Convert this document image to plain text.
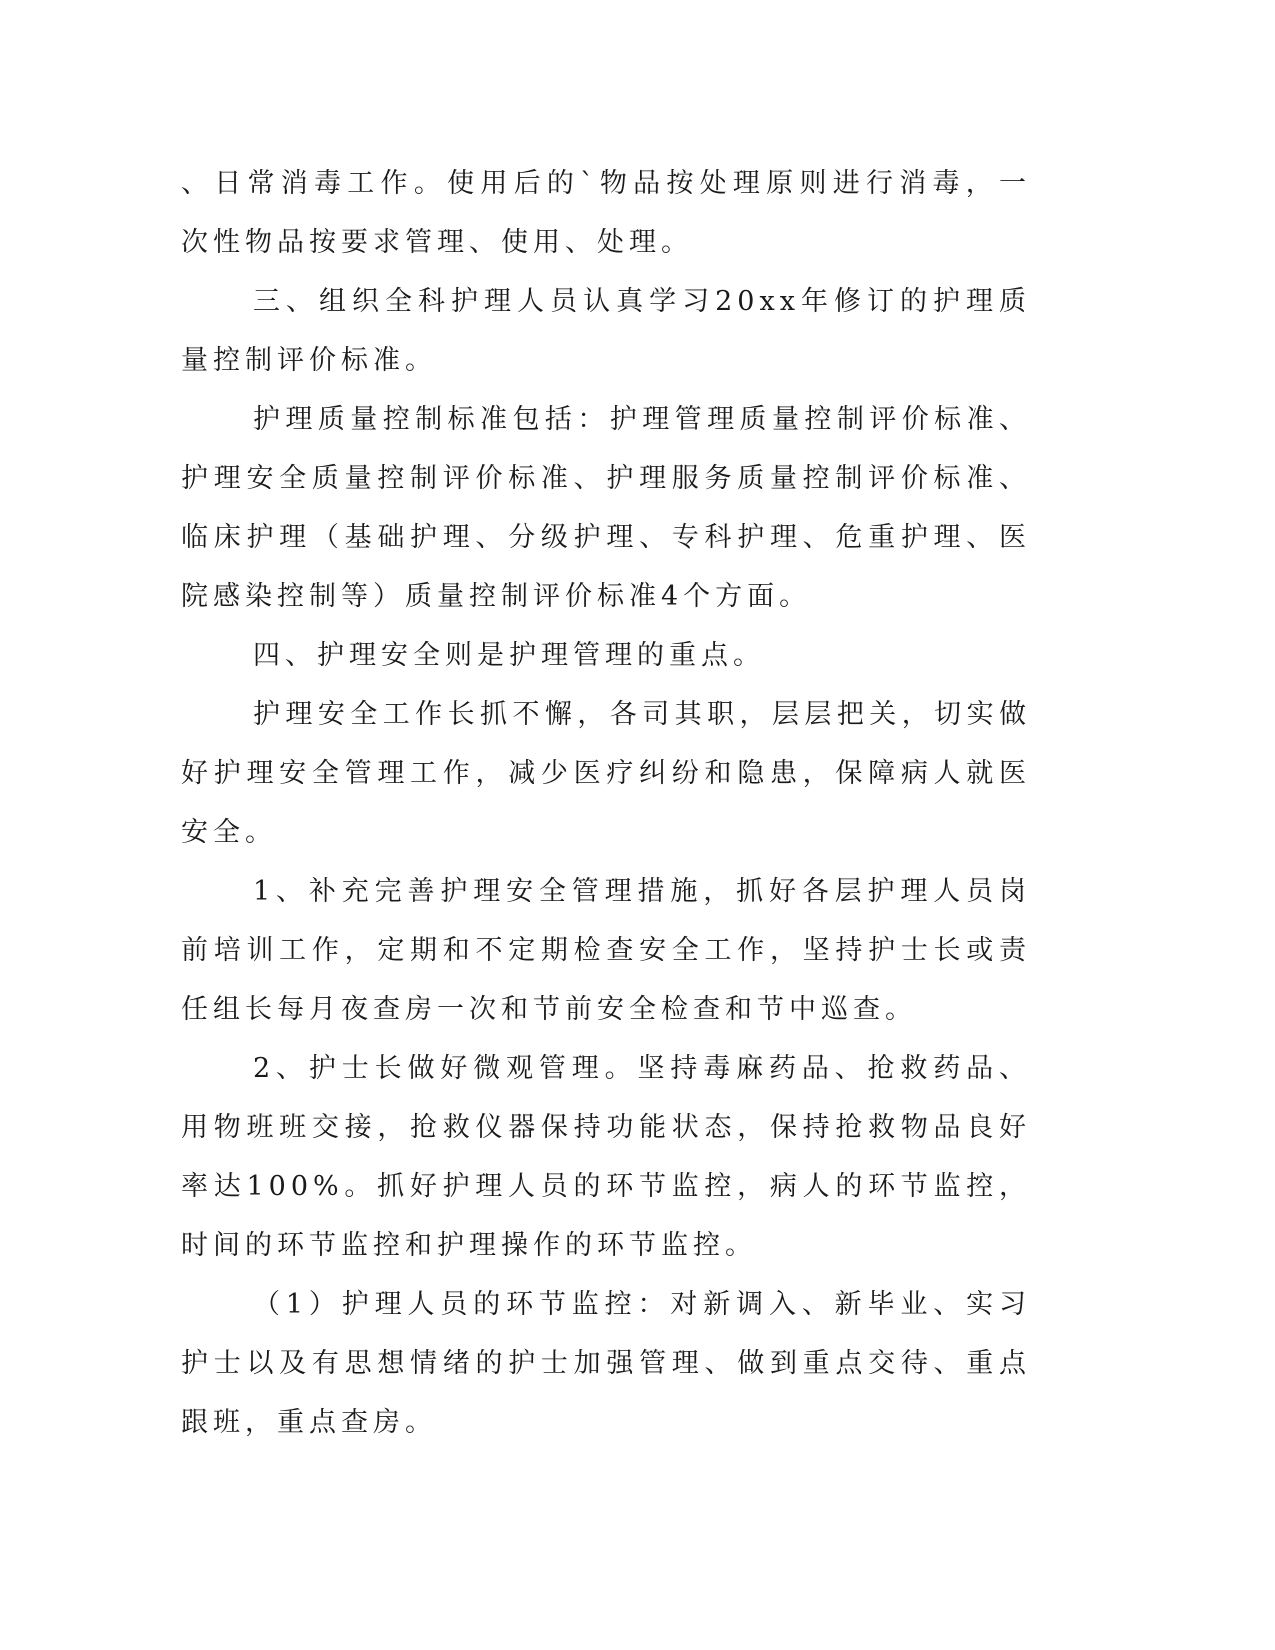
、日常消毒工作。使用后的`物品按处理原则进行消毒，一次性物品按要求管理、使用、处理。

三、组织全科护理人员认真学习20xx年修订的护理质量控制评价标准。

护理质量控制标准包括：护理管理质量控制评价标准、护理安全质量控制评价标准、护理服务质量控制评价标准、临床护理（基础护理、分级护理、专科护理、危重护理、医院感染控制等）质量控制评价标准4个方面。

四、护理安全则是护理管理的重点。

护理安全工作长抓不懈，各司其职，层层把关，切实做好护理安全管理工作，减少医疗纠纷和隐患，保障病人就医安全。

1、补充完善护理安全管理措施，抓好各层护理人员岗前培训工作，定期和不定期检查安全工作，坚持护士长或责任组长每月夜查房一次和节前安全检查和节中巡查。

2、护士长做好微观管理。坚持毒麻药品、抢救药品、用物班班交接，抢救仪器保持功能状态，保持抢救物品良好率达100%。抓好护理人员的环节监控，病人的环节监控，时间的环节监控和护理操作的环节监控。

（1）护理人员的环节监控：对新调入、新毕业、实习护士以及有思想情绪的护士加强管理、做到重点交待、重点跟班，重点查房。
